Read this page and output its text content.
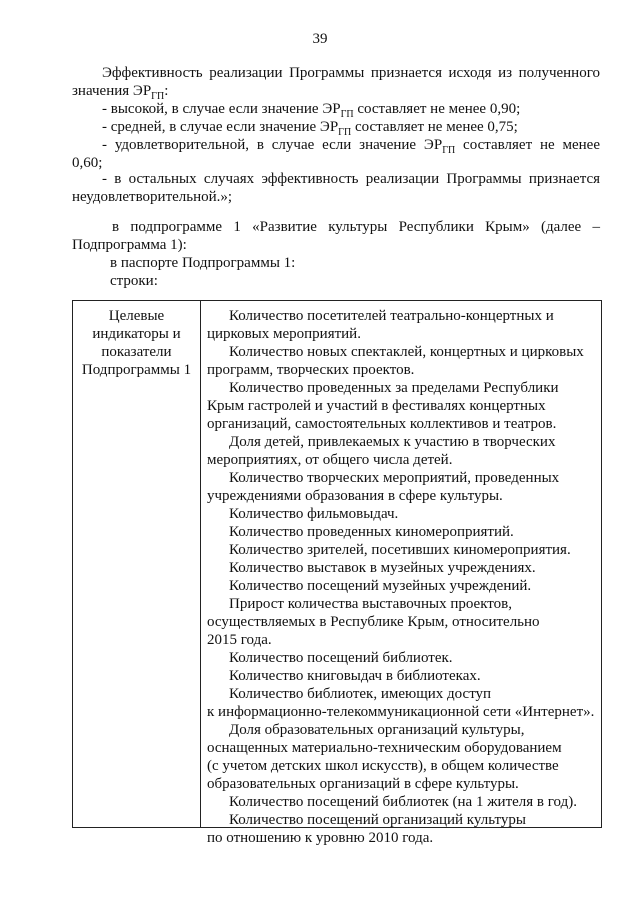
39
Эффективность реализации Программы признается исходя из полученного
значения $ЭР_{ГП}$:
- высокой, в случае если значение $ЭР_{ГП}$ составляет не менее 0,90;
- средней, в случае если значение $ЭР_{ГП}$ составляет не менее 0,75;
- удовлетворительной, в случае если значение $ЭР_{ГП}$ составляет не менее
0,60;
- в остальных случаях эффективность реализации Программы признается
неудовлетворительной.»;
в подпрограмме 1 «Развитие культуры Республики Крым» (далее –
Подпрограмма 1):
в паспорте Подпрограммы 1:
строки:
Целевые
индикаторы и
показатели
Подпрограммы 1
Количество посетителей театрально-концертных и
цирковых мероприятий.
Количество новых спектаклей, концертных и цирковых
программ, творческих проектов.
Количество проведенных за пределами Республики
Крым гастролей и участий в фестивалях концертных
организаций, самостоятельных коллективов и театров.
Доля детей, привлекаемых к участию в творческих
мероприятиях, от общего числа детей.
Количество творческих мероприятий, проведенных
учреждениями образования в сфере культуры.
Количество фильмовыдач.
Количество проведенных киномероприятий.
Количество зрителей, посетивших киномероприятия.
Количество выставок в музейных учреждениях.
Количество посещений музейных учреждений.
Прирост количества выставочных проектов,
осуществляемых в Республике Крым, относительно
2015 года.
Количество посещений библиотек.
Количество книговыдач в библиотеках.
Количество библиотек, имеющих доступ
к информационно-телекоммуникационной сети «Интернет».
Доля образовательных организаций культуры,
оснащенных материально-техническим оборудованием
(с учетом детских школ искусств), в общем количестве
образовательных организаций в сфере культуры.
Количество посещений библиотек (на 1 жителя в год).
Количество посещений организаций культуры
по отношению к уровню 2010 года.
